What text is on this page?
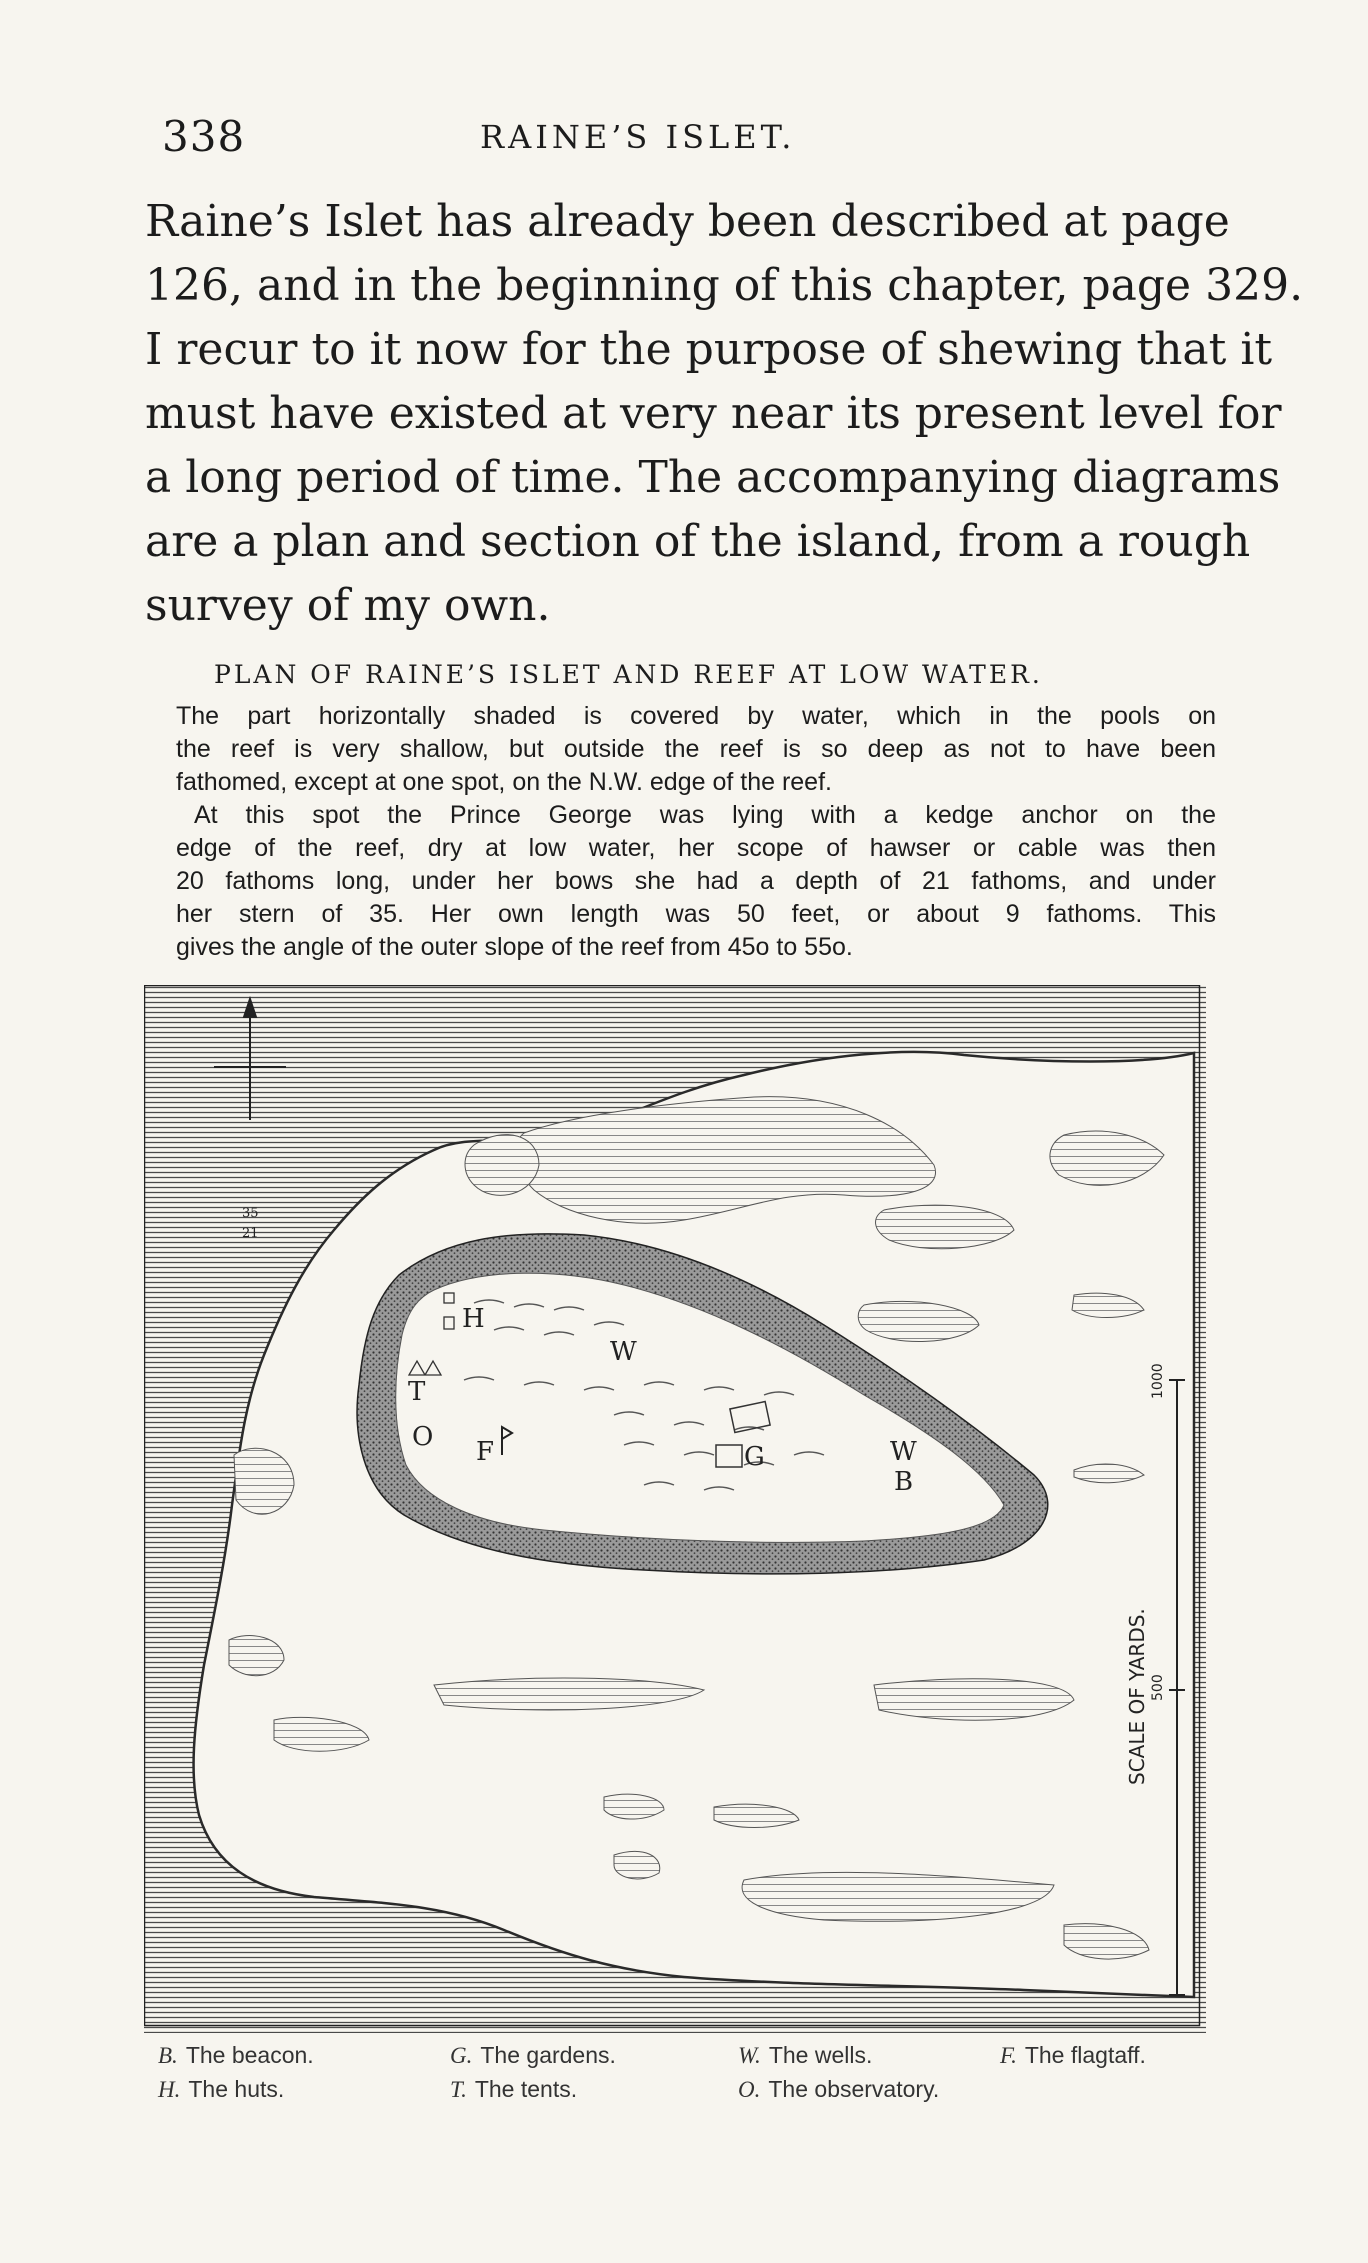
338	RAINE’S ISLET.
Raine’s Islet has already been described at page
126, and in the beginning of this chapter, page 329.
I recur to it now for the purpose of shewing that it
must have existed at very near its present level for
a long period of time. The accompanying diagrams
are a plan and section of the island, from a rough
survey of my own.
PLAN OF RAINE’S ISLET AND REEF AT LOW WATER.
The part horizontally shaded is covered by water, which in the pools on
the reef is very shallow, but outside the reef is so deep as not to have been
fathomed, except at one spot, on the N.W. edge of the reef.
At this spot the Prince George was lying with a kedge anchor on the
edge of the reef, dry at low water, her scope of hawser or cable was then
20 fathoms long, under her bows she had a depth of 21 fathoms, and under
her stern of 35. Her own length was 50 feet, or about 9 fathoms. This
gives the angle of the outer slope of the reef from 45o to 55o.
35
21
H
W
T
O F	G	W
B
SCALE OF YARDS.
1000
500
B. The beacon.	G. The gardens.	W. The wells.	F. The flagtaff.
H. The huts.	T. The tents.	O. The observatory.
